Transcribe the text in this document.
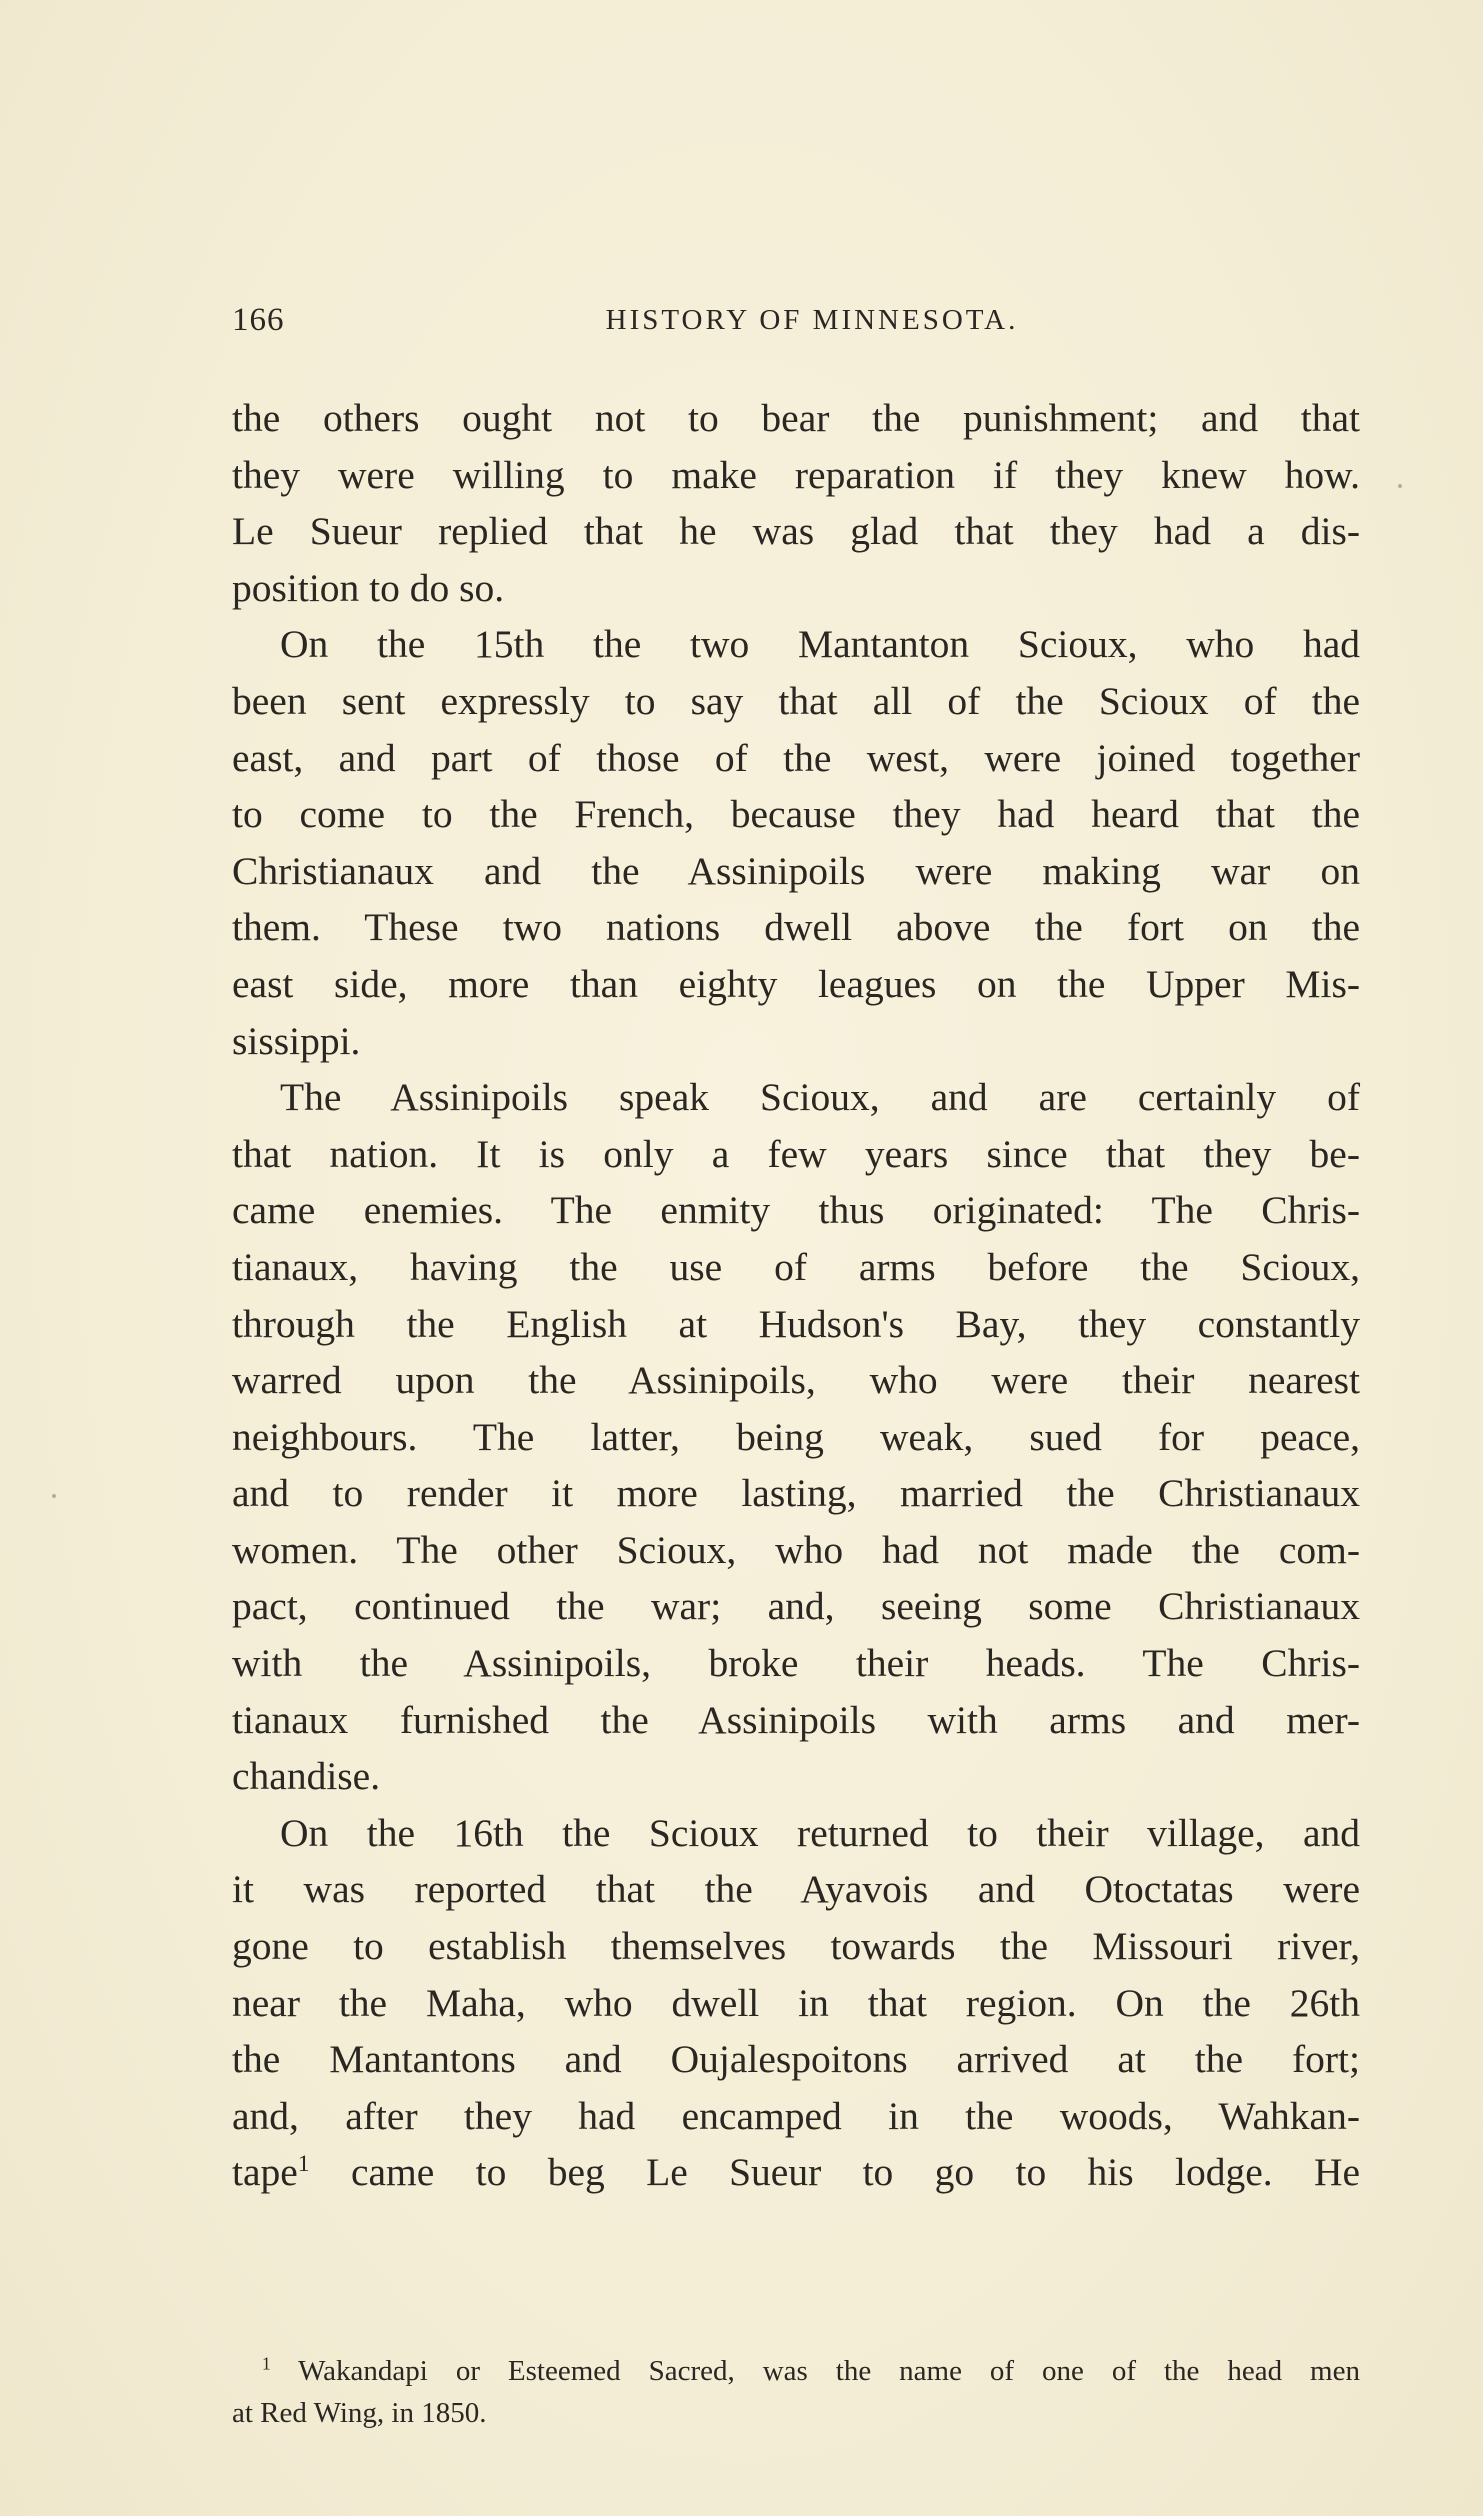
166	HISTORY OF MINNESOTA.
the others ought not to bear the punishment; and that
they were willing to make reparation if they knew how.
Le Sueur replied that he was glad that they had a dis-
position to do so.
On the 15th the two Mantanton Scioux, who had
been sent expressly to say that all of the Scioux of the
east, and part of those of the west, were joined together
to come to the French, because they had heard that the
Christianaux and the Assinipoils were making war on
them. These two nations dwell above the fort on the
east side, more than eighty leagues on the Upper Mis-
sissippi.
The Assinipoils speak Scioux, and are certainly of
that nation. It is only a few years since that they be-
came enemies. The enmity thus originated: The Chris-
tianaux, having the use of arms before the Scioux,
through the English at Hudson's Bay, they constantly
warred upon the Assinipoils, who were their nearest
neighbours. The latter, being weak, sued for peace,
and to render it more lasting, married the Christianaux
women. The other Scioux, who had not made the com-
pact, continued the war; and, seeing some Christianaux
with the Assinipoils, broke their heads. The Chris-
tianaux furnished the Assinipoils with arms and mer-
chandise.
On the 16th the Scioux returned to their village, and
it was reported that the Ayavois and Otoctatas were
gone to establish themselves towards the Missouri river,
near the Maha, who dwell in that region. On the 26th
the Mantantons and Oujalespoitons arrived at the fort;
and, after they had encamped in the woods, Wahkan-
tape$^1$ came to beg Le Sueur to go to his lodge. He
$^1$ Wakandapi or Esteemed Sacred, was the name of one of the head men
at Red Wing, in 1850.
